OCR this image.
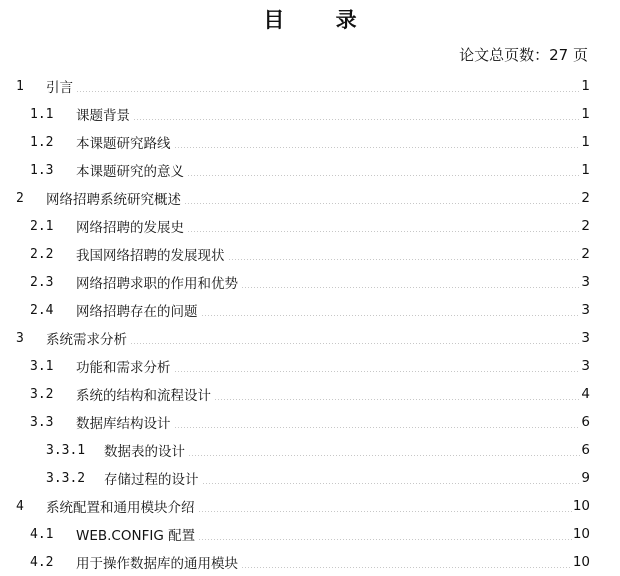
目 录
论文总页数：27 页
1 引言	1
1.1 课题背景	1
1.2 本课题研究路线	1
1.3 本课题研究的意义	1
2 网络招聘系统研究概述	2
2.1 网络招聘的发展史	2
2.2 我国网络招聘的发展现状	2
2.3 网络招聘求职的作用和优势	3
2.4 网络招聘存在的问题	3
3 系统需求分析	3
3.1 功能和需求分析	3
3.2 系统的结构和流程设计	4
3.3 数据库结构设计	6
3.3.1 数据表的设计	6
3.3.2 存储过程的设计	9
4 系统配置和通用模块介绍	10
4.1 WEB.CONFIG 配置	10
4.2 用于操作数据库的通用模块	10
